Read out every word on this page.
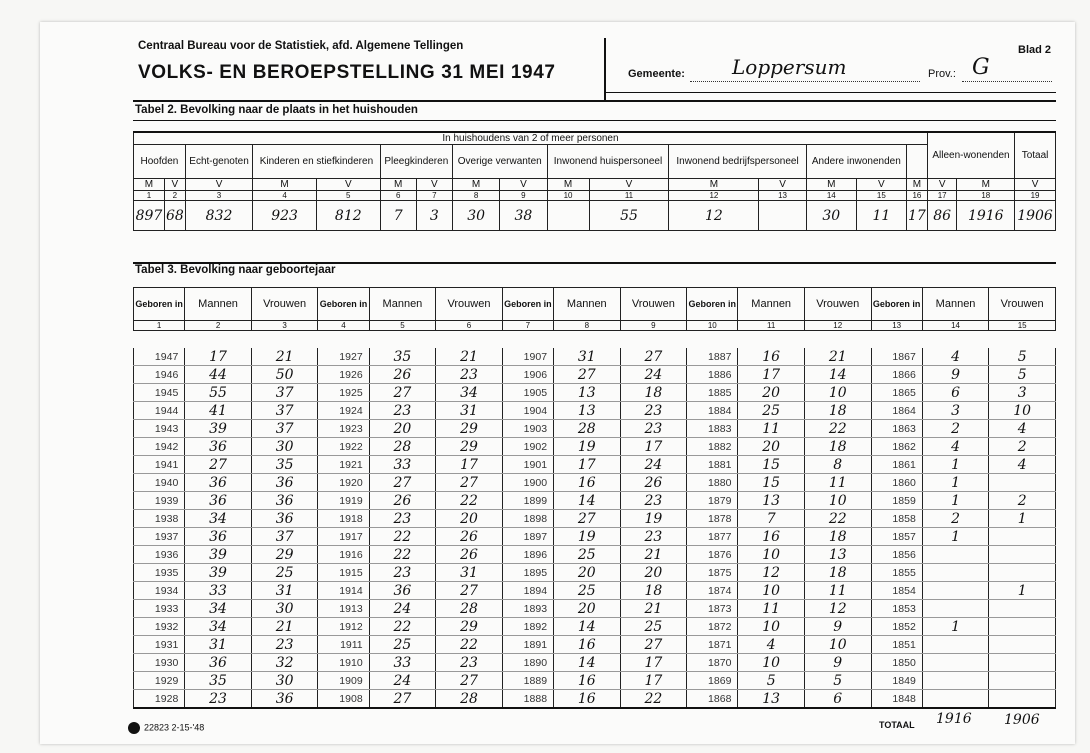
Centraal Bureau voor de Statistiek, afd. Algemene Tellingen
VOLKS- EN BEROEPSTELLING 31 MEI 1947
Blad 2
Gemeente: Loppersum	Prov.: G
Tabel 2. Bevolking naar de plaats in het huishouden
In huishoudens van 2 of meer personen																Alleen-wonenden		Totaal
Hoofden		Echt-genoten	Kinderen en stiefkinderen		Pleegkinderen		Overige verwanten		Inwonend huispersoneel		Inwonend bedrijfspersoneel		Andere inwonenden					
M	V	V	M	V	M	V	M	V	M	V	M	V	M	V	M	V	M	V
1	2	3	4	5	6	7	8	9	10	11	12	13	14	15	16	17	18	19
897	68	832	923	812	7	3	30	38		55	12		30	11	17	86	1916	1906
Tabel 3. Bevolking naar geboortejaar
Geboren in	Mannen	Vrouwen	Geboren in	Mannen	Vrouwen	Geboren in	Mannen	Vrouwen	Geboren in	Mannen	Vrouwen	Geboren in	Mannen	Vrouwen
1	2	3	4	5	6	7	8	9	10	11	12	13	14	15

1947	17	21	1927	35	21	1907	31	27	1887	16	21	1867	4	5
1946	44	50	1926	26	23	1906	27	24	1886	17	14	1866	9	5
1945	55	37	1925	27	34	1905	13	18	1885	20	10	1865	6	3
1944	41	37	1924	23	31	1904	13	23	1884	25	18	1864	3	10
1943	39	37	1923	20	29	1903	28	23	1883	11	22	1863	2	4
1942	36	30	1922	28	29	1902	19	17	1882	20	18	1862	4	2
1941	27	35	1921	33	17	1901	17	24	1881	15	8	1861	1	4
1940	36	36	1920	27	27	1900	16	26	1880	15	11	1860	1	
1939	36	36	1919	26	22	1899	14	23	1879	13	10	1859	1	2
1938	34	36	1918	23	20	1898	27	19	1878	7	22	1858	2	1
1937	36	37	1917	22	26	1897	19	23	1877	16	18	1857	1	
1936	39	29	1916	22	26	1896	25	21	1876	10	13	1856		
1935	39	25	1915	23	31	1895	20	20	1875	12	18	1855		
1934	33	31	1914	36	27	1894	25	18	1874	10	11	1854		1
1933	34	30	1913	24	28	1893	20	21	1873	11	12	1853		
1932	34	21	1912	22	29	1892	14	25	1872	10	9	1852	1	
1931	31	23	1911	25	22	1891	16	27	1871	4	10	1851		
1930	36	32	1910	33	23	1890	14	17	1870	10	9	1850		
1929	35	30	1909	24	27	1889	16	17	1869	5	5	1849		
1928	23	36	1908	27	28	1888	16	22	1868	13	6	1848		

22823 2-15-'48	TOTAAL 1916 1906
